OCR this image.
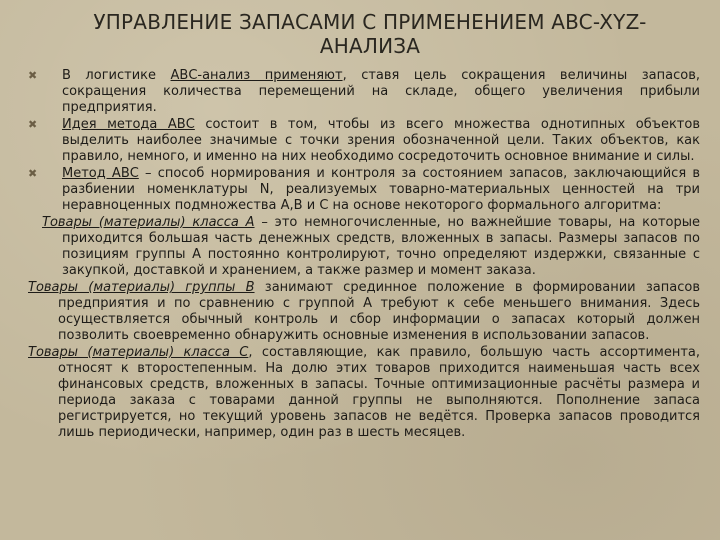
УПРАВЛЕНИЕ ЗАПАСАМИ С ПРИМЕНЕНИЕМ ABC-XYZ-АНАЛИЗА

✖ В логистике АВС-анализ применяют, ставя цель сокращения величины запасов, сокращения количества перемещений на складе, общего увеличения прибыли предприятия.

✖ Идея метода АВС состоит в том, чтобы из всего множества однотипных объектов выделить наиболее значимые с точки зрения обозначенной цели. Таких объектов, как правило, немного, и именно на них необходимо сосредоточить основное внимание и силы.

✖ Метод АВС – способ нормирования и контроля за состоянием запасов, заключающийся в разбиении номенклатуры N, реализуемых товарно-материальных ценностей на три неравноценных подмножества А,В и С на основе некоторого формального алгоритма:

Товары (материалы) класса А – это немногочисленные, но важнейшие товары, на которые приходится большая часть денежных средств, вложенных в запасы. Размеры запасов по позициям группы А постоянно контролируют, точно определяют издержки, связанные с закупкой, доставкой и хранением, а также размер и момент заказа.

Товары (материалы) группы В занимают срединное положение в формировании запасов предприятия и по сравнению с группой А требуют к себе меньшего внимания. Здесь осуществляется обычный контроль и сбор информации о запасах который должен позволить своевременно обнаружить основные изменения в использовании запасов.

Товары (материалы) класса С, составляющие, как правило, большую часть ассортимента, относят к второстепенным. На долю этих товаров приходится наименьшая часть всех финансовых средств, вложенных в запасы. Точные оптимизационные расчёты размера и периода заказа с товарами данной группы не выполняются. Пополнение запаса регистрируется, но текущий уровень запасов не ведётся. Проверка запасов проводится лишь периодически, например, один раз в шесть месяцев.
